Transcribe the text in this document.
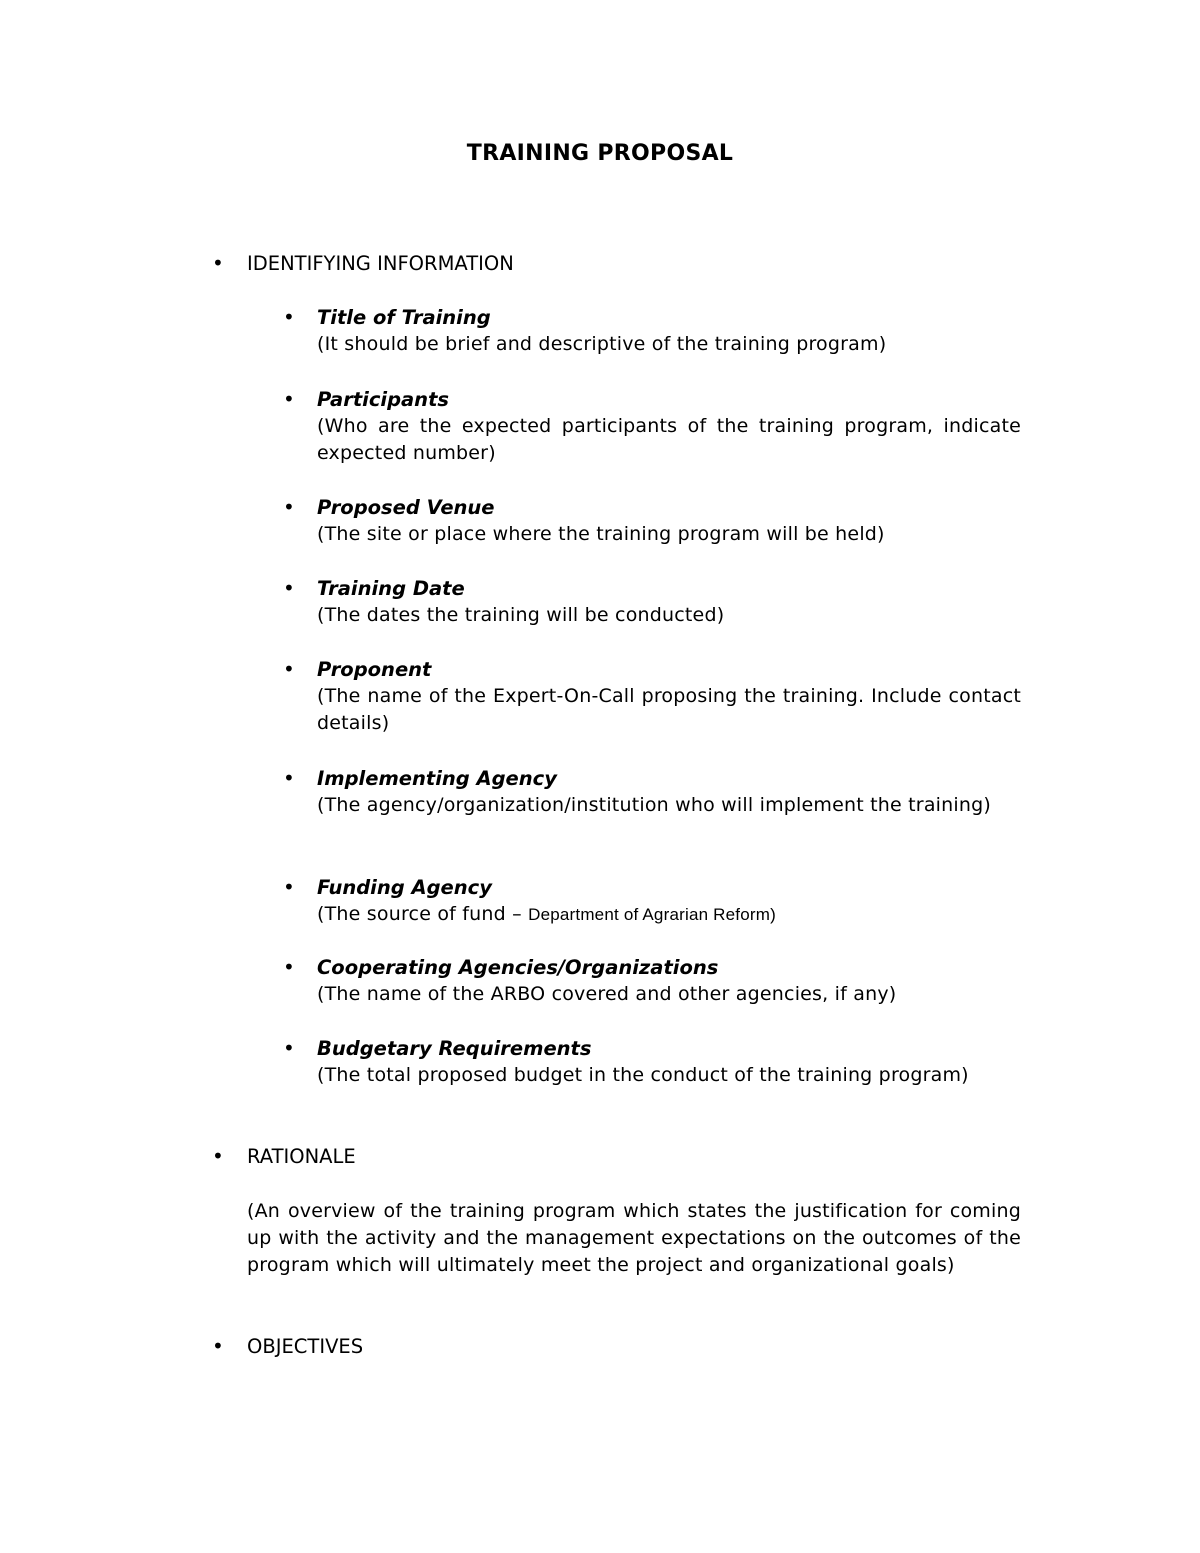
TRAINING PROPOSAL
• IDENTIFYING INFORMATION
• Title of Training
(It should be brief and descriptive of the training program)
• Participants
(Who are the expected participants of the training program, indicate expected number)
• Proposed Venue
(The site or place where the training program will be held)
• Training Date
(The dates the training will be conducted)
• Proponent
(The name of the Expert-On-Call proposing the training. Include contact details)
• Implementing Agency
(The agency/organization/institution who will implement the training)
• Funding Agency
(The source of fund – Department of Agrarian Reform)
• Cooperating Agencies/Organizations
(The name of the ARBO covered and other agencies, if any)
• Budgetary Requirements
(The total proposed budget in the conduct of the training program)
• RATIONALE
(An overview of the training program which states the justification for coming up with the activity and the management expectations on the outcomes of the program which will ultimately meet the project and organizational goals)
• OBJECTIVES
